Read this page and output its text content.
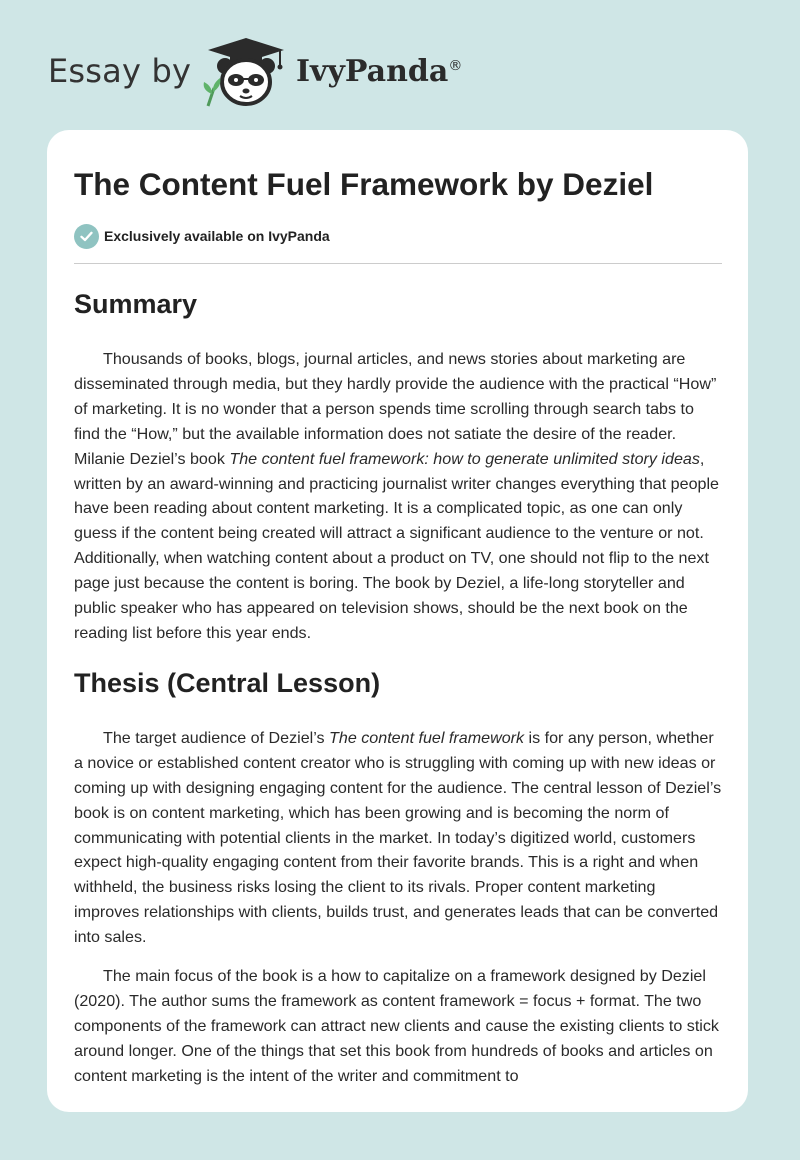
Essay by	IvyPanda®
The Content Fuel Framework by Deziel
Exclusively available on IvyPanda
Summary

Thousands of books, blogs, journal articles, and news stories about marketing are disseminated through media, but they hardly provide the audience with the practical “How” of marketing. It is no wonder that a person spends time scrolling through search tabs to find the “How,” but the available information does not satiate the desire of the reader. Milanie Deziel’s book The content fuel framework: how to generate unlimited story ideas, written by an award-winning and practicing journalist writer changes everything that people have been reading about content marketing. It is a complicated topic, as one can only guess if the content being created will attract a significant audience to the venture or not. Additionally, when watching content about a product on TV, one should not flip to the next page just because the content is boring. The book by Deziel, a life-long storyteller and public speaker who has appeared on television shows, should be the next book on the reading list before this year ends.

Thesis (Central Lesson)

The target audience of Deziel’s The content fuel framework is for any person, whether a novice or established content creator who is struggling with coming up with new ideas or coming up with designing engaging content for the audience. The central lesson of Deziel’s book is on content marketing, which has been growing and is becoming the norm of communicating with potential clients in the market. In today’s digitized world, customers expect high-quality engaging content from their favorite brands. This is a right and when withheld, the business risks losing the client to its rivals. Proper content marketing improves relationships with clients, builds trust, and generates leads that can be converted into sales.

The main focus of the book is a how to capitalize on a framework designed by Deziel (2020). The author sums the framework as content framework = focus + format. The two components of the framework can attract new clients and cause the existing clients to stick around longer. One of the things that set this book from hundreds of books and articles on content marketing is the intent of the writer and commitment to
